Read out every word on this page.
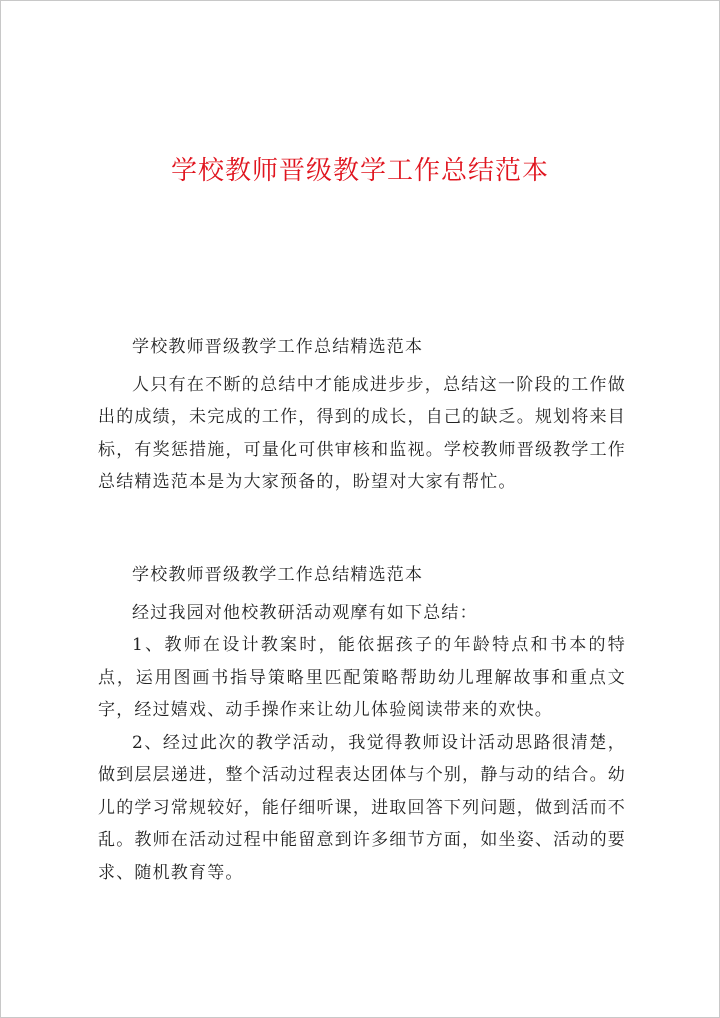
学校教师晋级教学工作总结范本

学校教师晋级教学工作总结精选范本

人只有在不断的总结中才能成进步步，总结这一阶段的工作做出的成绩，未完成的工作，得到的成长，自己的缺乏。规划将来目标，有奖惩措施，可量化可供审核和监视。学校教师晋级教学工作总结精选范本是为大家预备的，盼望对大家有帮忙。

学校教师晋级教学工作总结精选范本

经过我园对他校教研活动观摩有如下总结：

1、教师在设计教案时，能依据孩子的年龄特点和书本的特点，运用图画书指导策略里匹配策略帮助幼儿理解故事和重点文字，经过嬉戏、动手操作来让幼儿体验阅读带来的欢快。

2、经过此次的教学活动，我觉得教师设计活动思路很清楚，做到层层递进，整个活动过程表达团体与个别，静与动的结合。幼儿的学习常规较好，能仔细听课，进取回答下列问题，做到活而不乱。教师在活动过程中能留意到许多细节方面，如坐姿、活动的要求、随机教育等。
